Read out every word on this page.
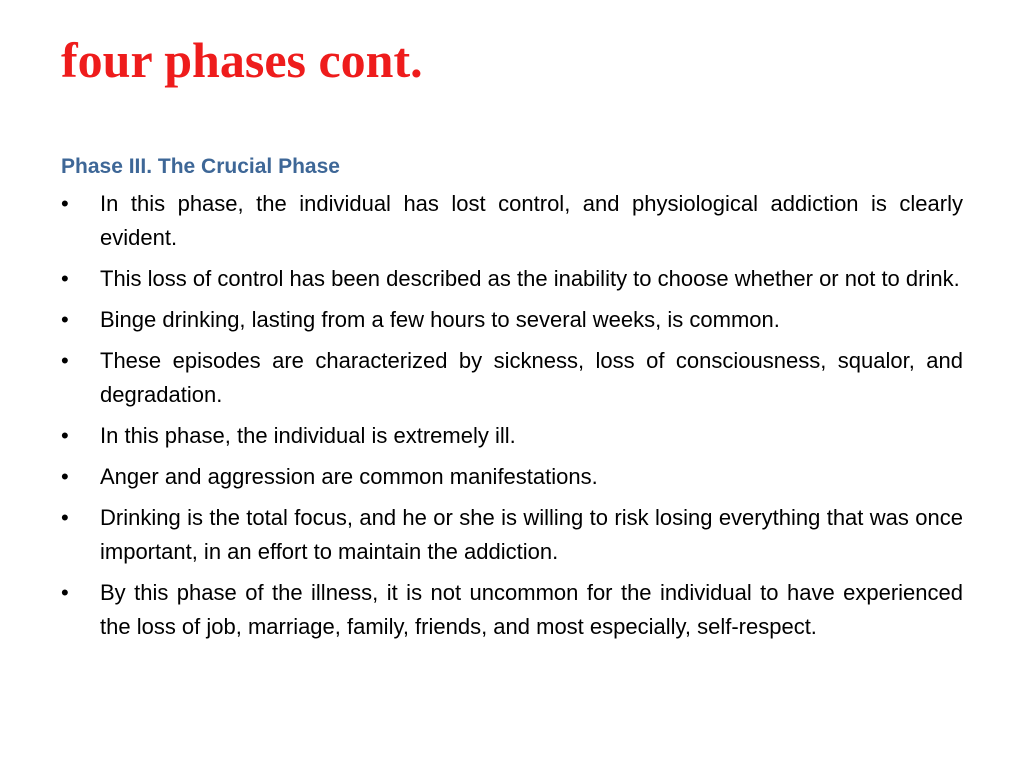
four phases cont.
Phase III. The Crucial Phase
•	In this phase, the individual has lost control, and physiological addiction is clearly evident.
•	This loss of control has been described as the inability to choose whether or not to drink.
•	Binge drinking, lasting from a few hours to several weeks, is common.
•	These episodes are characterized by sickness, loss of consciousness, squalor, and degradation.
•	In this phase, the individual is extremely ill.
•	Anger and aggression are common manifestations.
•	Drinking is the total focus, and he or she is willing to risk losing everything that was once important, in an effort to maintain the addiction.
•	By this phase of the illness, it is not uncommon for the individual to have experienced the loss of job, marriage, family, friends, and most especially, self-respect.
